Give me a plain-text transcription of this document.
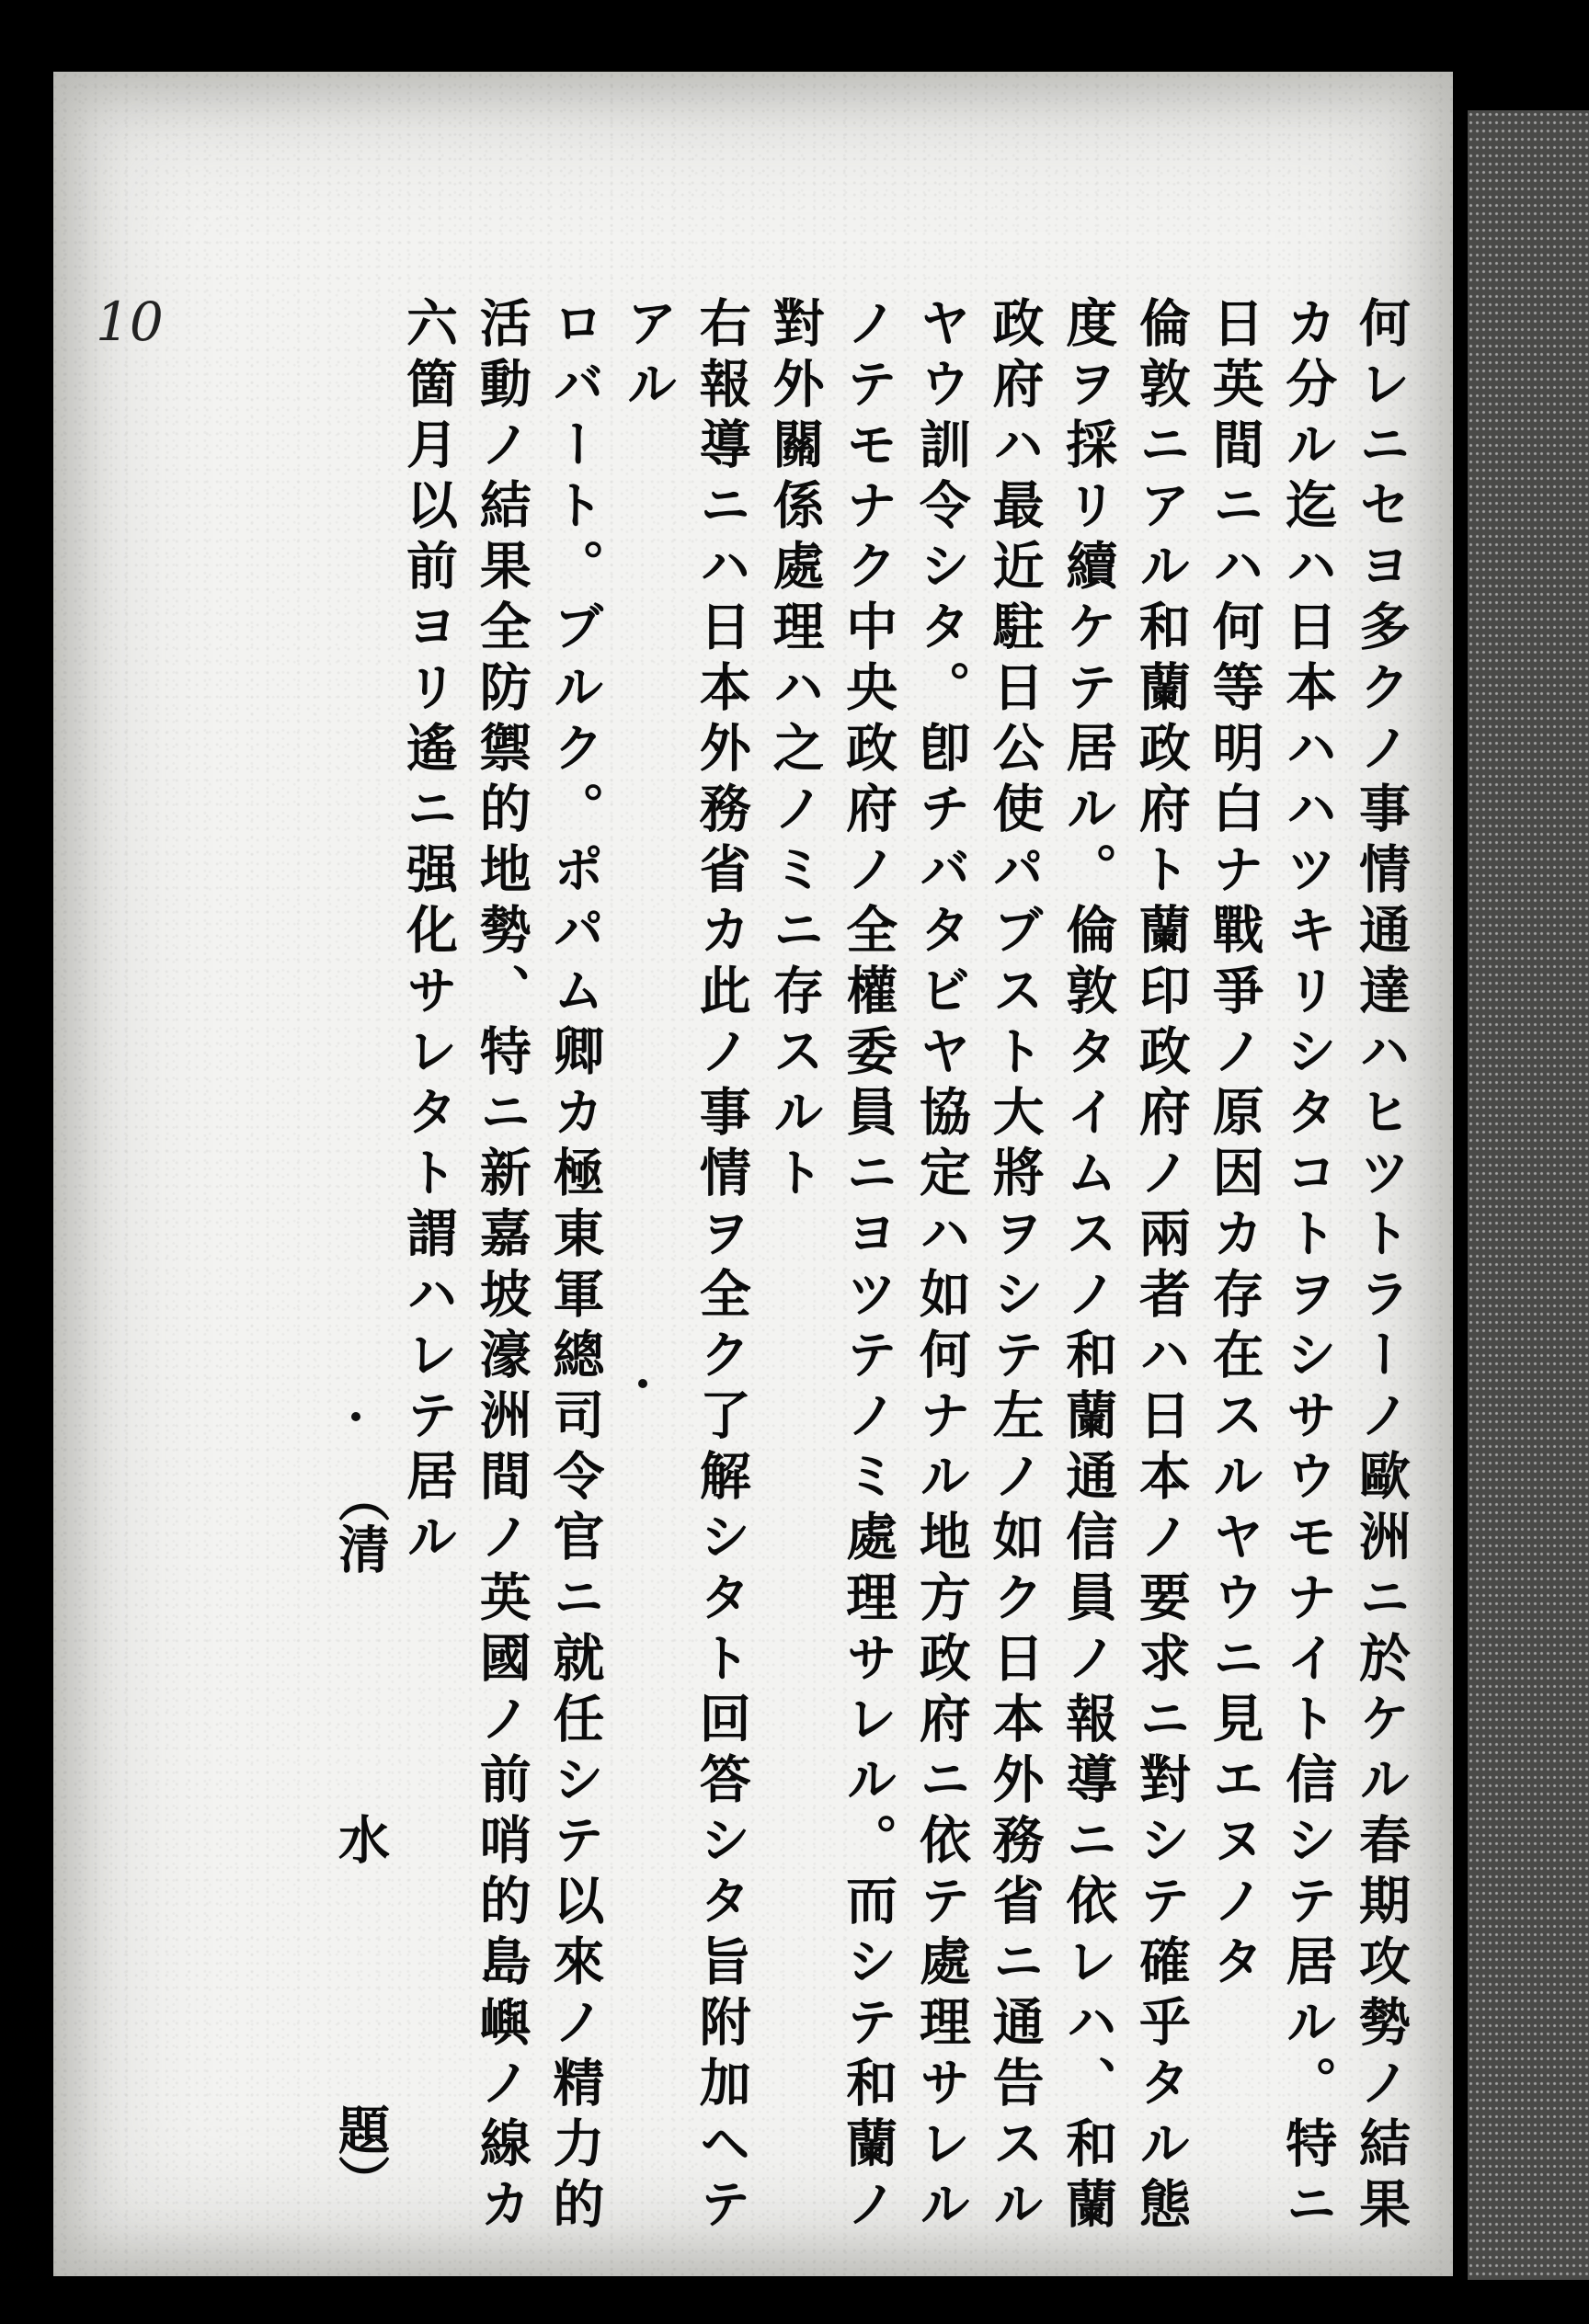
10	何レニセヨ多クノ事情通達ハヒツトラーノ歐洲ニ於ケル春期攻勢ノ結果
カ分ル迄ハ日本ハハツキリシタコトヲシサウモナイト信シテ居ル。特ニ
日英間ニハ何等明白ナ戰爭ノ原因カ存在スルヤウニ見エヌノタ
倫敦ニアル和蘭政府ト蘭印政府ノ兩者ハ日本ノ要求ニ對シテ確乎タル態
度ヲ採リ續ケテ居ル。倫敦タイムスノ和蘭通信員ノ報導ニ依レハ、和蘭
政府ハ最近駐日公使パブスト大將ヲシテ左ノ如ク日本外務省ニ通告スル
ヤウ訓令シタ。卽チバタビヤ協定ハ如何ナル地方政府ニ依テ處理サレル
ノテモナク中央政府ノ全權委員ニヨツテノミ處理サレル。而シテ和蘭ノ
對外關係處理ハ之ノミニ存スルト
右報導ニハ日本外務省カ此ノ事情ヲ全ク了解シタト回答シタ旨附加ヘテ
アル
ロバート。ブルク。ポパム卿カ極東軍總司令官ニ就任シテ以來ノ精力的
活動ノ結果全防禦的地勢、特ニ新嘉坡濠洲間ノ英國ノ前哨的島嶼ノ線カ
六箇月以前ヨリ遙ニ强化サレタト謂ハレテ居ル
（清
水
題）
